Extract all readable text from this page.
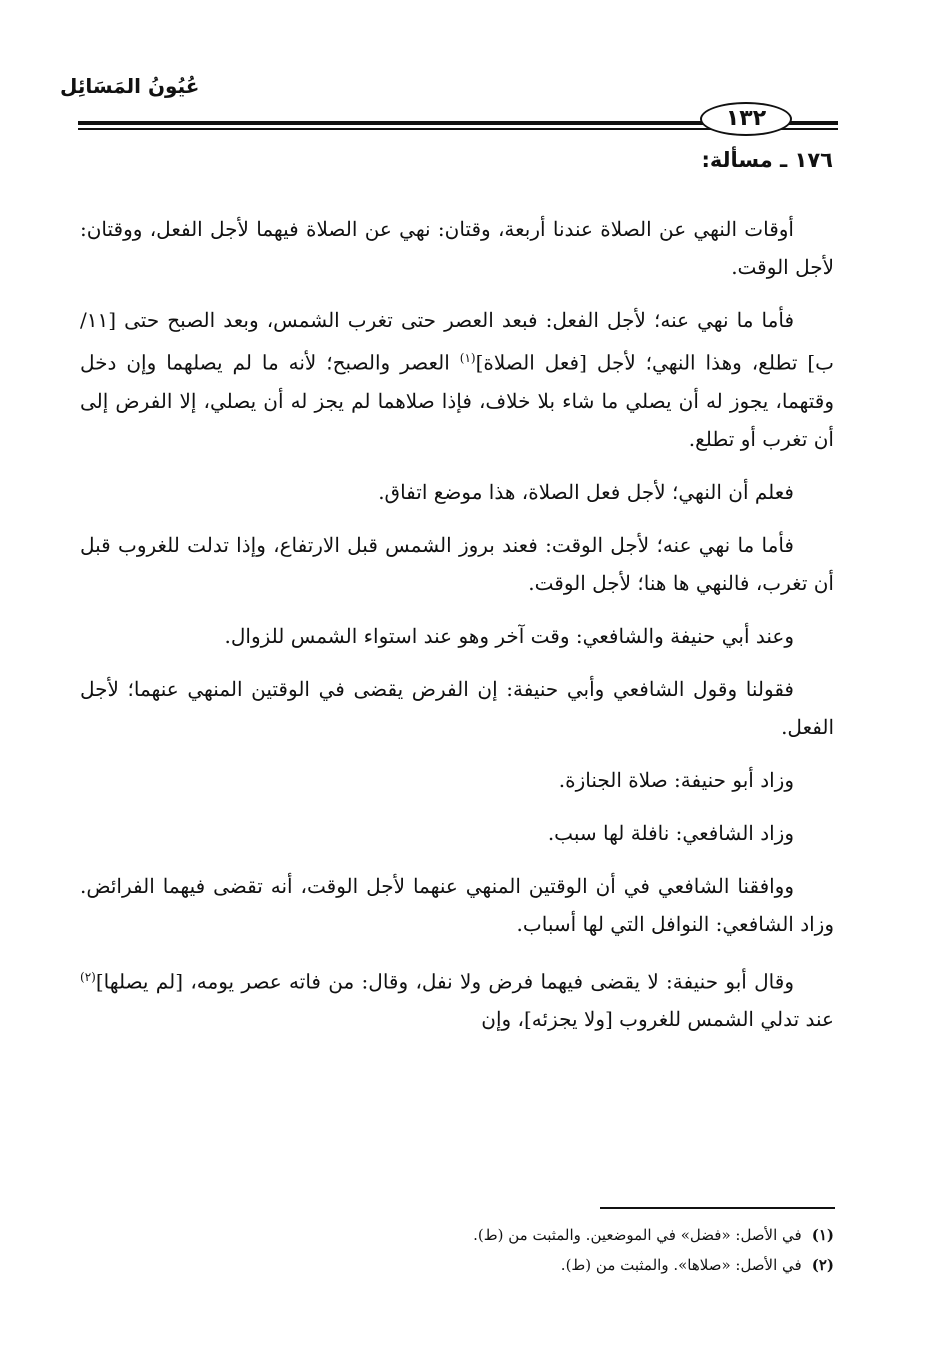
عُيُونُ المَسَائِل
١٣٢
١٧٦ ـ مسألة:

أوقات النهي عن الصلاة عندنا أربعة، وقتان: نهي عن الصلاة فيهما لأجل الفعل، ووقتان: لأجل الوقت.

فأما ما نهي عنه؛ لأجل الفعل: فبعد العصر حتى تغرب الشمس، وبعد الصبح حتى [١١/ب] تطلع، وهذا النهي؛ لأجل [فعل الصلاة]$^{(١)}$ العصر والصبح؛ لأنه ما لم يصلهما وإن دخل وقتهما، يجوز له أن يصلي ما شاء بلا خلاف، فإذا صلاهما لم يجز له أن يصلي، إلا الفرض إلى أن تغرب أو تطلع.

فعلم أن النهي؛ لأجل فعل الصلاة، هذا موضع اتفاق.

فأما ما نهي عنه؛ لأجل الوقت: فعند بروز الشمس قبل الارتفاع، وإذا تدلت للغروب قبل أن تغرب، فالنهي ها هنا؛ لأجل الوقت.

وعند أبي حنيفة والشافعي: وقت آخر وهو عند استواء الشمس للزوال.

فقولنا وقول الشافعي وأبي حنيفة: إن الفرض يقضى في الوقتين المنهي عنهما؛ لأجل الفعل.

وزاد أبو حنيفة: صلاة الجنازة.

وزاد الشافعي: نافلة لها سبب.

ووافقنا الشافعي في أن الوقتين المنهي عنهما لأجل الوقت، أنه تقضى فيهما الفرائض. وزاد الشافعي: النوافل التي لها أسباب.

وقال أبو حنيفة: لا يقضى فيهما فرض ولا نفل، وقال: من فاته عصر يومه، [لم يصلها]$^{(٢)}$ عند تدلي الشمس للغروب [ولا يجزئه]، وإن

(١)في الأصل: «فضل» في الموضعين. والمثبت من (ط).

(٢)في الأصل: «صلاها». والمثبت من (ط).
